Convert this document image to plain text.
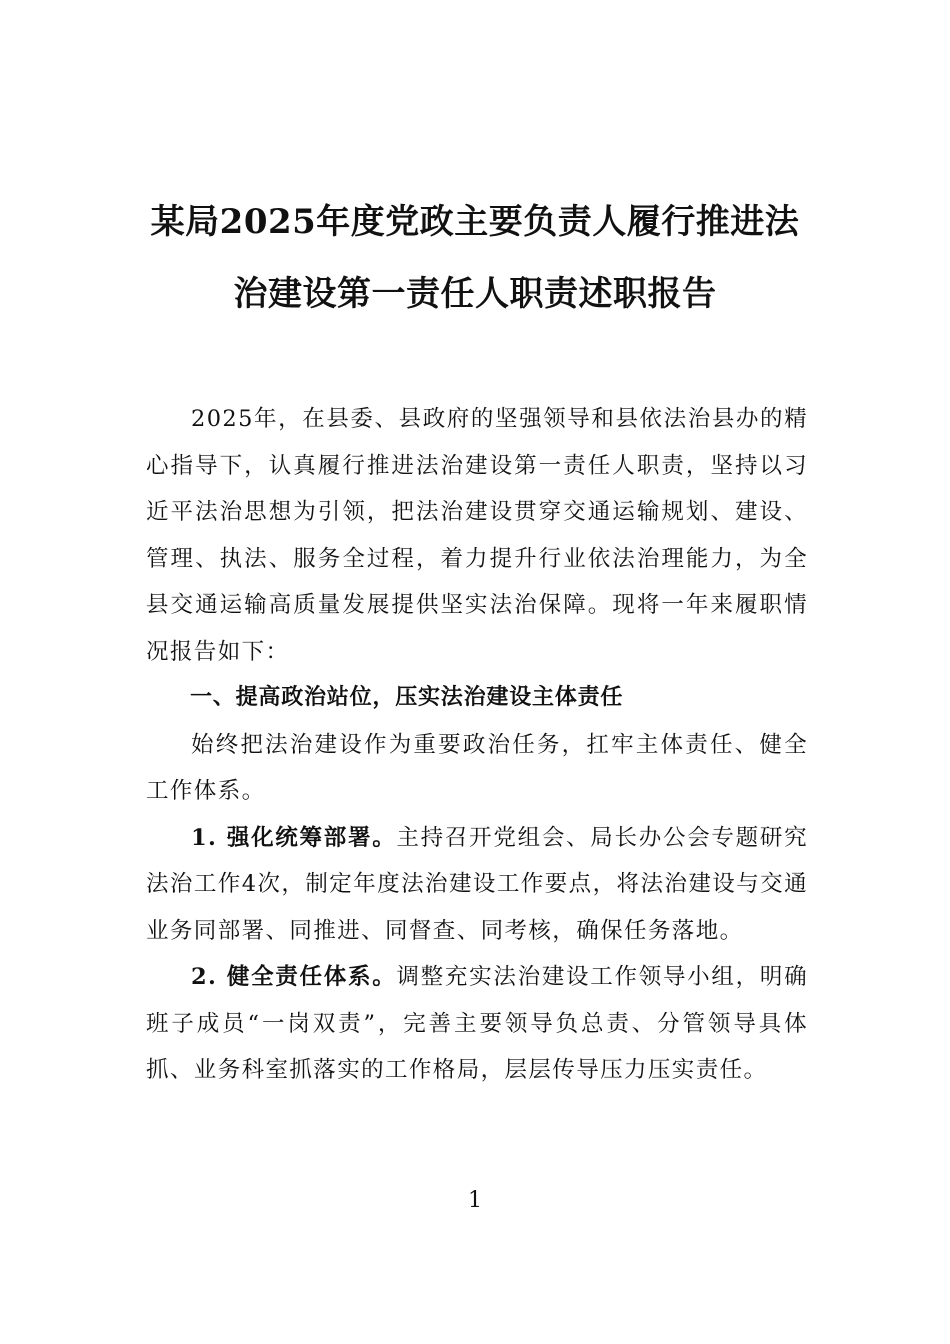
某局2025年度党政主要负责人履行推进法
治建设第一责任人职责述职报告

2025年，在县委、县政府的坚强领导和县依法治县办的精心指导下，认真履行推进法治建设第一责任人职责，坚持以习近平法治思想为引领，把法治建设贯穿交通运输规划、建设、管理、执法、服务全过程，着力提升行业依法治理能力，为全县交通运输高质量发展提供坚实法治保障。现将一年来履职情况报告如下：

一、提高政治站位，压实法治建设主体责任

始终把法治建设作为重要政治任务，扛牢主体责任、健全工作体系。

1. 强化统筹部署。主持召开党组会、局长办公会专题研究法治工作4次，制定年度法治建设工作要点，将法治建设与交通业务同部署、同推进、同督查、同考核，确保任务落地。

2. 健全责任体系。调整充实法治建设工作领导小组，明确班子成员“一岗双责”，完善主要领导负总责、分管领导具体抓、业务科室抓落实的工作格局，层层传导压力压实责任。

1
